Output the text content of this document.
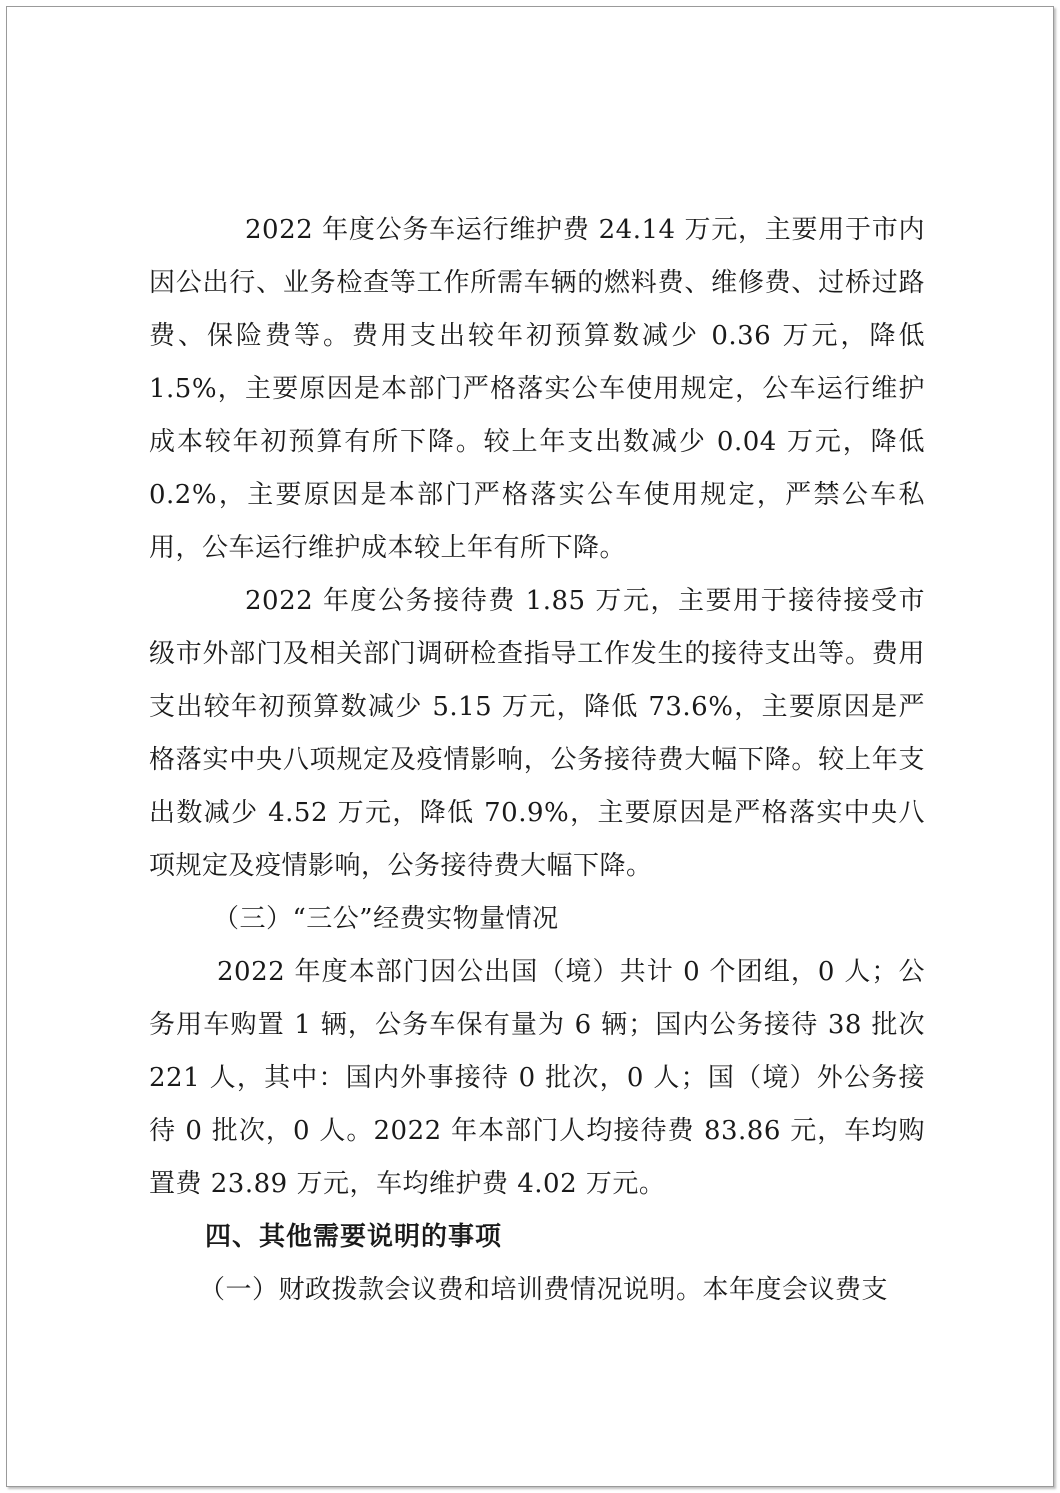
2022 年度公务车运行维护费 24.14 万元，主要用于市内因公出行、业务检查等工作所需车辆的燃料费、维修费、过桥过路费、保险费等。费用支出较年初预算数减少 0.36 万元，降低 1.5%，主要原因是本部门严格落实公车使用规定，公车运行维护成本较年初预算有所下降。较上年支出数减少 0.04 万元，降低 0.2%，主要原因是本部门严格落实公车使用规定，严禁公车私用，公车运行维护成本较上年有所下降。

2022 年度公务接待费 1.85 万元，主要用于接待接受市级市外部门及相关部门调研检查指导工作发生的接待支出等。费用支出较年初预算数减少 5.15 万元，降低 73.6%，主要原因是严格落实中央八项规定及疫情影响，公务接待费大幅下降。较上年支出数减少 4.52 万元，降低 70.9%，主要原因是严格落实中央八项规定及疫情影响，公务接待费大幅下降。

（三）“三公”经费实物量情况

2022 年度本部门因公出国（境）共计 0 个团组，0 人；公务用车购置 1 辆，公务车保有量为 6 辆；国内公务接待 38 批次 221 人，其中：国内外事接待 0 批次，0 人；国（境）外公务接待 0 批次，0 人。2022 年本部门人均接待费 83.86 元，车均购置费 23.89 万元，车均维护费 4.02 万元。

四、其他需要说明的事项

（一）财政拨款会议费和培训费情况说明。本年度会议费支
